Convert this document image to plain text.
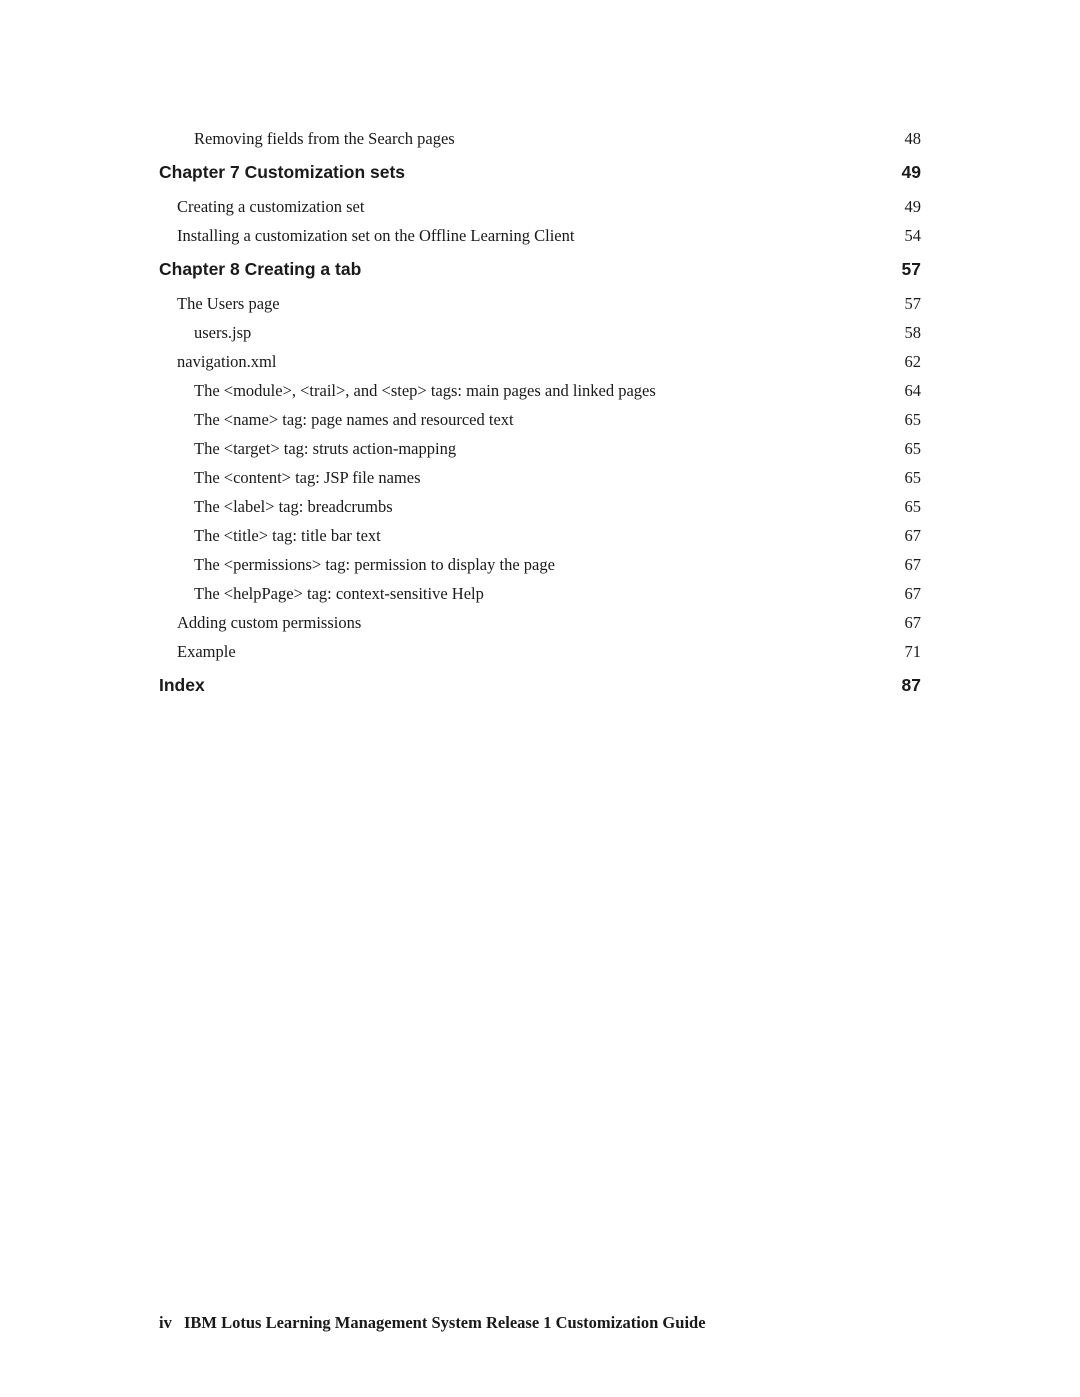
Removing fields from the Search pages . . .	48
Chapter 7 Customization sets . . .	49
Creating a customization set . . .	49
Installing a customization set on the Offline Learning Client . . .	54
Chapter 8 Creating a tab . . .	57
The Users page . . .	57
users.jsp . . .	58
navigation.xml . . .	62
The <module>, <trail>, and <step> tags: main pages and linked pages . . .	64
The <name> tag: page names and resourced text . . .	65
The <target> tag: struts action-mapping . . .	65
The <content> tag: JSP file names . . .	65
The <label> tag: breadcrumbs . . .	65
The <title> tag: title bar text . . .	67
The <permissions> tag: permission to display the page . . .	67
The <helpPage> tag: context-sensitive Help . . .	67
Adding custom permissions . . .	67
Example . . .	71
Index . . .	87
iv IBM Lotus Learning Management System Release 1 Customization Guide
